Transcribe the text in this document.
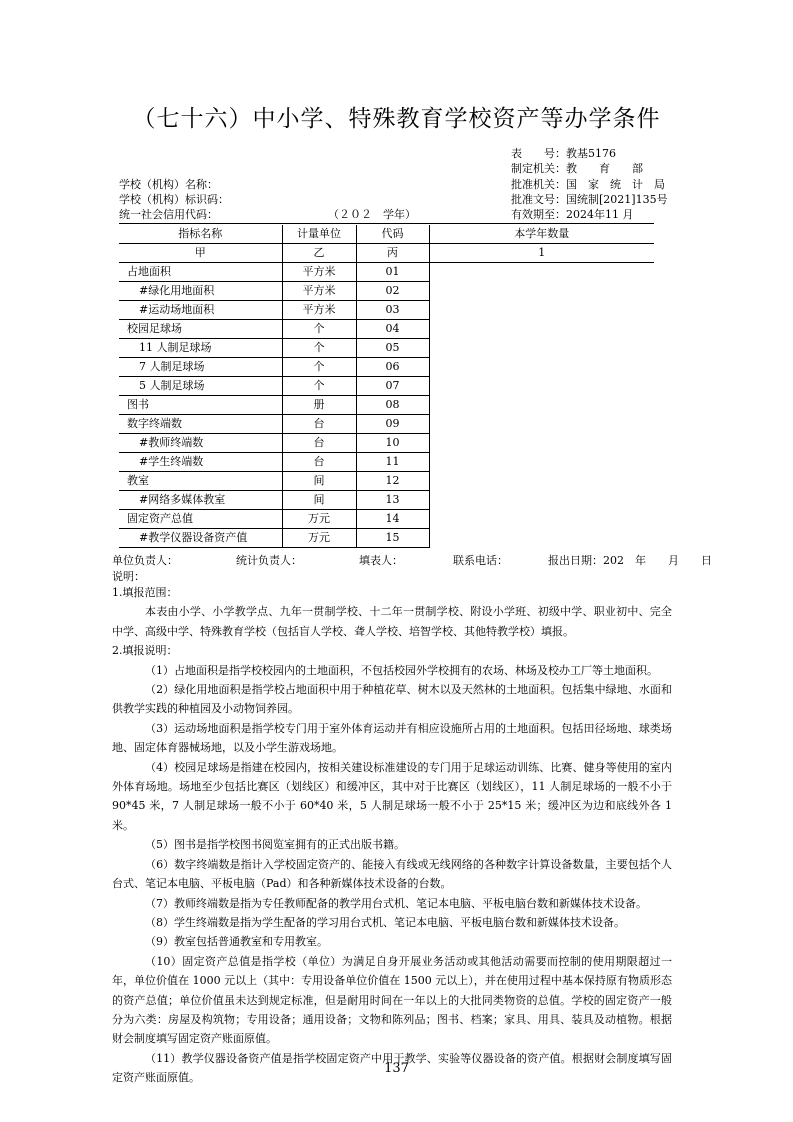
（七十六）中小学、特殊教育学校资产等办学条件
表　　号：教基5176
制定机关：教　　育　　部
批准机关：国　家　统　计　局
批准文号：国统制[2021]135号
有效期至：2024年11 月
学校（机构）名称：
学校（机构）标识码：
统一社会信用代码：	（２０２　学年）
指标名称	计量单位	代码	本学年数量
甲	乙	丙	1
占地面积	平方米	01	
#绿化用地面积	平方米	02	
#运动场地面积	平方米	03	
校园足球场	个	04	
11 人制足球场	个	05	
7 人制足球场	个	06	
5 人制足球场	个	07	
图书	册	08	
数字终端数	台	09	
#教师终端数	台	10	
#学生终端数	台	11	
教室	间	12	
#网络多媒体教室	间	13	
固定资产总值	万元	14	
#教学仪器设备资产值	万元	15	
单位负责人：	统计负责人：	填表人：	联系电话：	报出日期：202　年　　月　　日
说明：

1.填报范围：

本表由小学、小学教学点、九年一贯制学校、十二年一贯制学校、附设小学班、初级中学、职业初中、完全中学、高级中学、特殊教育学校（包括盲人学校、聋人学校、培智学校、其他特教学校）填报。

2.填报说明：

（1）占地面积是指学校校园内的土地面积，不包括校园外学校拥有的农场、林场及校办工厂等土地面积。

（2）绿化用地面积是指学校占地面积中用于种植花草、树木以及天然林的土地面积。包括集中绿地、水面和供教学实践的种植园及小动物饲养园。

（3）运动场地面积是指学校专门用于室外体育运动并有相应设施所占用的土地面积。包括田径场地、球类场地、固定体育器械场地，以及小学生游戏场地。

（4）校园足球场是指建在校园内，按相关建设标准建设的专门用于足球运动训练、比赛、健身等使用的室内外体育场地。场地至少包括比赛区（划线区）和缓冲区，其中对于比赛区（划线区），11 人制足球场的一般不小于 90*45 米，7 人制足球场一般不小于 60*40 米，5 人制足球场一般不小于 25*15 米；缓冲区为边和底线外各 1 米。

（5）图书是指学校图书阅览室拥有的正式出版书籍。

（6）数字终端数是指计入学校固定资产的、能接入有线或无线网络的各种数字计算设备数量，主要包括个人台式、笔记本电脑、平板电脑（Pad）和各种新媒体技术设备的台数。

（7）教师终端数是指为专任教师配备的教学用台式机、笔记本电脑、平板电脑台数和新媒体技术设备。

（8）学生终端数是指为学生配备的学习用台式机、笔记本电脑、平板电脑台数和新媒体技术设备。

（9）教室包括普通教室和专用教室。

（10）固定资产总值是指学校（单位）为满足自身开展业务活动或其他活动需要而控制的使用期限超过一年，单位价值在 1000 元以上（其中：专用设备单位价值在 1500 元以上），并在使用过程中基本保持原有物质形态的资产总值；单位价值虽未达到规定标准，但是耐用时间在一年以上的大批同类物资的总值。学校的固定资产一般分为六类：房屋及构筑物；专用设备；通用设备；文物和陈列品；图书、档案；家具、用具、装具及动植物。根据财会制度填写固定资产账面原值。

（11）教学仪器设备资产值是指学校固定资产中用于教学、实验等仪器设备的资产值。根据财会制度填写固定资产账面原值。

137
